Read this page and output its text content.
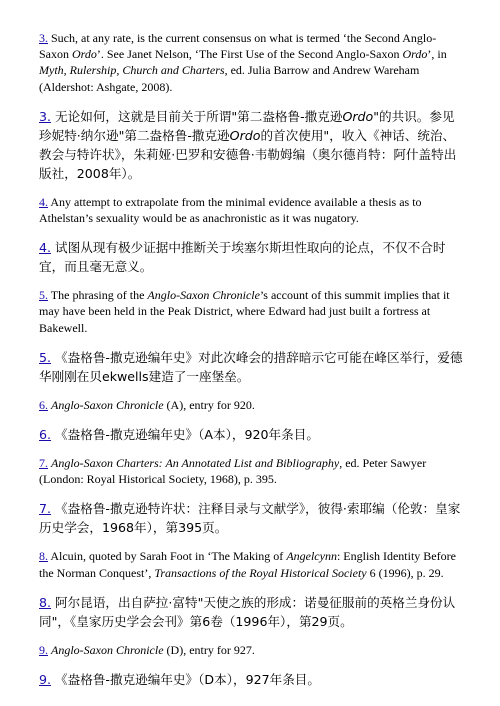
3. Such, at any rate, is the current consensus on what is termed ‘the Second Anglo-Saxon Ordo’. See Janet Nelson, ‘The First Use of the Second Anglo-Saxon Ordo’, in Myth, Rulership, Church and Charters, ed. Julia Barrow and Andrew Wareham (Aldershot: Ashgate, 2008).

3. 无论如何，这就是目前关于所谓"第二盎格鲁-撒克逊Ordo"的共识。参见珍妮特·纳尔逊"第二盎格鲁-撒克逊Ordo的首次使用"，收入《神话、统治、教会与特许状》，朱莉娅·巴罗和安德鲁·韦勒姆编（奥尔德肖特：阿什盖特出版社，2008年）。

4. Any attempt to extrapolate from the minimal evidence available a thesis as to Athelstan’s sexuality would be as anachronistic as it was nugatory.

4. 试图从现有极少证据中推断关于埃塞尔斯坦性取向的论点，不仅不合时宜，而且毫无意义。

5. The phrasing of the Anglo-Saxon Chronicle’s account of this summit implies that it may have been held in the Peak District, where Edward had just built a fortress at Bakewell.

5. 《盎格鲁-撒克逊编年史》对此次峰会的措辞暗示它可能在峰区举行，爱德华刚刚在贝ekwells建造了一座堡垒。

6. Anglo-Saxon Chronicle (A), entry for 920.

6. 《盎格鲁-撒克逊编年史》（A本），920年条目。

7. Anglo-Saxon Charters: An Annotated List and Bibliography, ed. Peter Sawyer (London: Royal Historical Society, 1968), p. 395.

7. 《盎格鲁-撒克逊特许状：注释目录与文献学》，彼得·索耶编（伦敦：皇家历史学会，1968年），第395页。

8. Alcuin, quoted by Sarah Foot in ‘The Making of Angelcynn: English Identity Before the Norman Conquest’, Transactions of the Royal Historical Society 6 (1996), p. 29.

8. 阿尔昆语，出自萨拉·富特"天使之族的形成：诺曼征服前的英格兰身份认同"，《皇家历史学会会刊》第6卷（1996年），第29页。

9. Anglo-Saxon Chronicle (D), entry for 927.

9. 《盎格鲁-撒克逊编年史》（D本），927年条目。
